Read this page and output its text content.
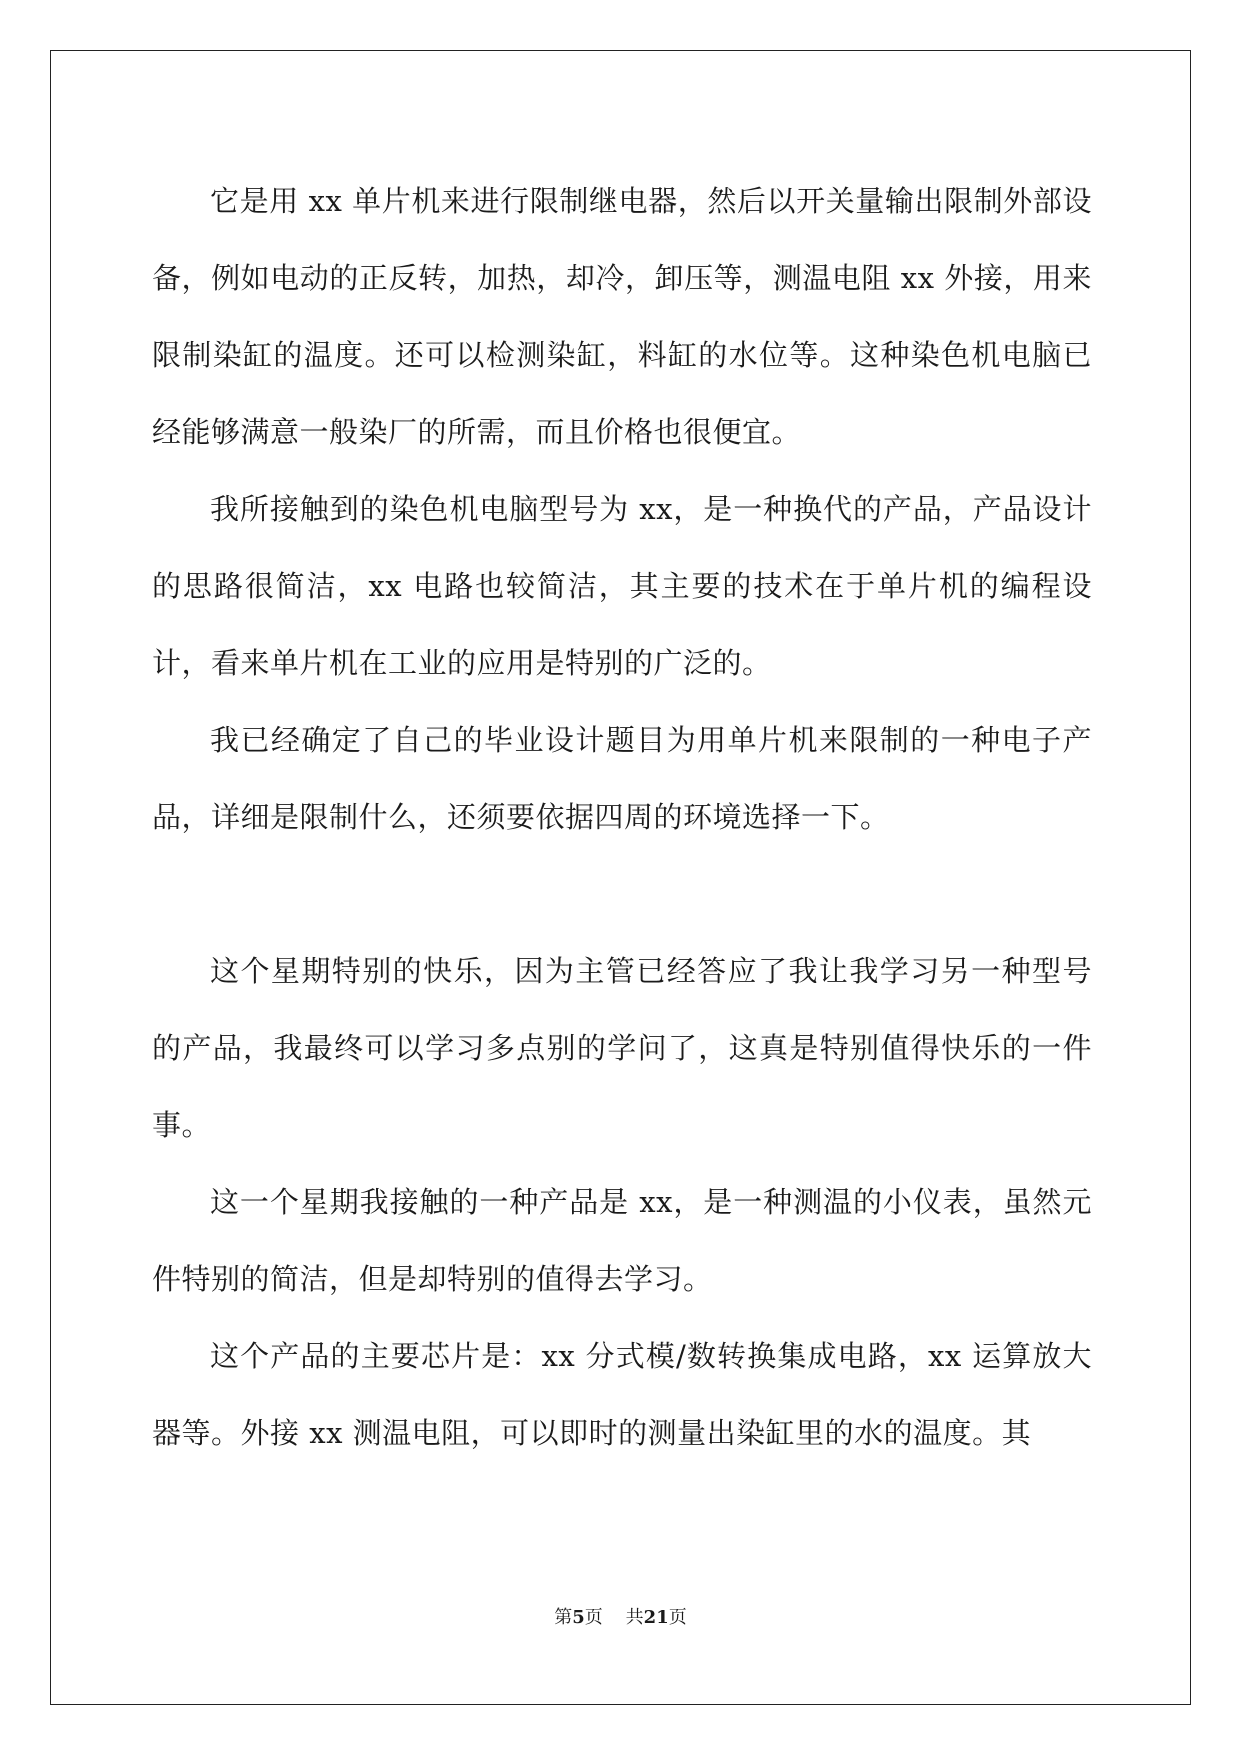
它是用 xx 单片机来进行限制继电器，然后以开关量输出限制外部设备，例如电动的正反转，加热，却冷，卸压等，测温电阻 xx 外接，用来限制染缸的温度。还可以检测染缸，料缸的水位等。这种染色机电脑已经能够满意一般染厂的所需，而且价格也很便宜。

我所接触到的染色机电脑型号为 xx，是一种换代的产品，产品设计的思路很简洁，xx 电路也较简洁，其主要的技术在于单片机的编程设计，看来单片机在工业的应用是特别的广泛的。

我已经确定了自己的毕业设计题目为用单片机来限制的一种电子产品，详细是限制什么，还须要依据四周的环境选择一下。

这个星期特别的快乐，因为主管已经答应了我让我学习另一种型号的产品，我最终可以学习多点别的学问了，这真是特别值得快乐的一件事。

这一个星期我接触的一种产品是 xx，是一种测温的小仪表，虽然元件特别的简洁，但是却特别的值得去学习。

这个产品的主要芯片是：xx 分式模/数转换集成电路，xx 运算放大器等。外接 xx 测温电阻，可以即时的测量出染缸里的水的温度。其

第5页 共21页
